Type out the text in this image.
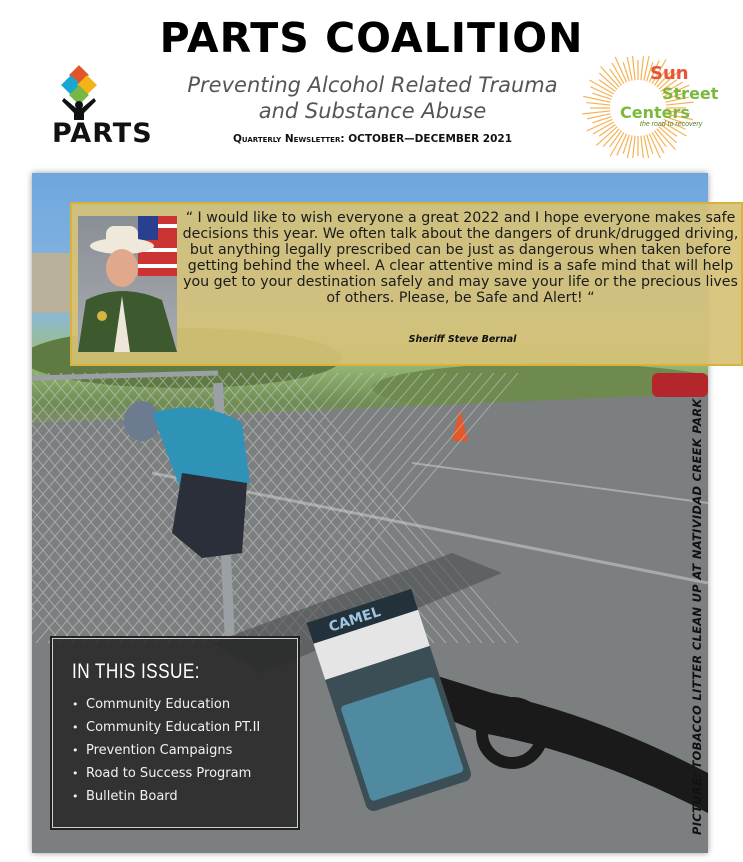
PARTS COALITION
Preventing Alcohol Related Trauma
and Substance Abuse
Quarterly Newsletter: OCTOBER—DECEMBER 2021
PARTS
Sun
Street
Centers
the road to recovery
CAMEL
“ I would like to wish everyone a great 2022 and I hope everyone makes safe decisions this year. We often talk about the dangers of drunk/drugged driving, but anything legally prescribed can be just as dangerous when taken before getting behind the wheel. A clear attentive mind is a safe mind that will help you get to your destination safely and may save your life or the precious lives of others. Please, be Safe and Alert! “
Sheriff Steve Bernal
PICTURE: TOBACCO LITTER CLEAN UP AT NATIVIDAD CREEK PARK
IN THIS ISSUE:
• Community Education
• Community Education PT.II
• Prevention Campaigns
• Road to Success Program
• Bulletin Board
